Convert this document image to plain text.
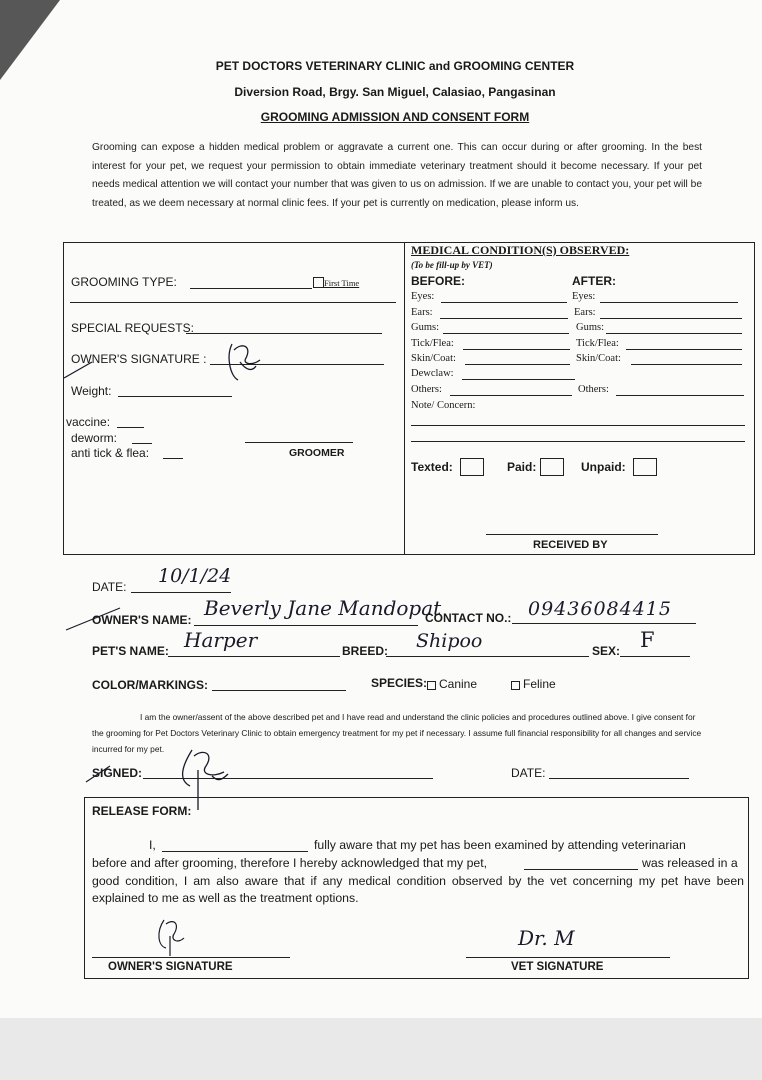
PET DOCTORS VETERINARY CLINIC and GROOMING CENTER
Diversion Road, Brgy. San Miguel, Calasiao, Pangasinan
GROOMING ADMISSION AND CONSENT FORM
Grooming can expose a hidden medical problem or aggravate a current one. This can occur during or after grooming. In the best interest for your pet, we request your permission to obtain immediate veterinary treatment should it become necessary. If your pet needs medical attention we will contact your number that was given to us on admission. If we are unable to contact you, your pet will be treated, as we deem necessary at normal clinic fees. If your pet is currently on medication, please inform us.
GROOMING TYPE:	First Time
SPECIAL REQUESTS:
OWNER'S SIGNATURE :
Weight:
vaccine:
deworm:
anti tick & flea:	GROOMER
MEDICAL CONDITION(S) OBSERVED:
(To be fill-up by VET)
BEFORE:	AFTER:
Eyes:	Eyes:
Ears:	Ears:
Gums:	Gums:
Tick/Flea:	Tick/Flea:
Skin/Coat:	Skin/Coat:
Dewclaw:
Others:	Others:
Note/ Concern:
Texted:	Paid:	Unpaid:
RECEIVED BY
DATE: 10/1/24
OWNER'S NAME: Beverly Jane Mandopat
CONTACT NO.: 09436084415
PET'S NAME: Harper	BREED: Shipoo	SEX: F
COLOR/MARKINGS:	SPECIES: Canine	Feline
I am the owner/assent of the above described pet and I have read and understand the clinic policies and procedures outlined above. I give consent for the grooming for Pet Doctors Veterinary Clinic to obtain emergency treatment for my pet if necessary. I assume full financial responsibility for all changes and service incurred for my pet.
SIGNED:	DATE:
RELEASE FORM:
I,	fully aware that my pet has been examined by attending veterinarian
before and after grooming, therefore I hereby acknowledged that my pet,	was released in a
good condition, I am also aware that if any medical condition observed by the vet concerning my pet have been explained to me as well as the treatment options.
OWNER'S SIGNATURE
Dr. M
VET SIGNATURE
